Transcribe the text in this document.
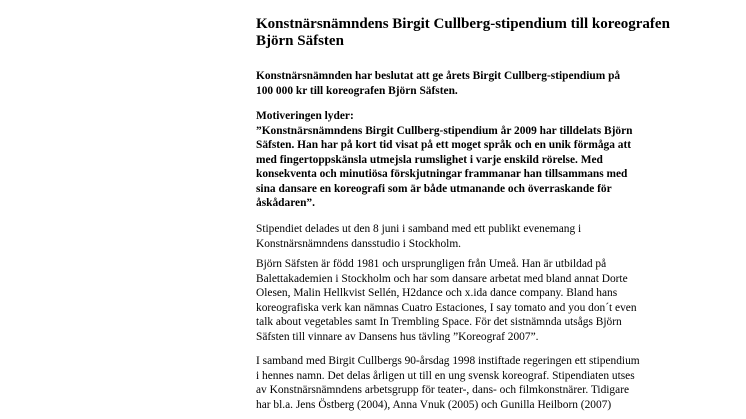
Konstnärsnämndens Birgit Cullberg-stipendium till koreografen
Björn Säfsten

Konstnärsnämnden har beslutat att ge årets Birgit Cullberg-stipendium på
100 000 kr till koreografen Björn Säfsten.

Motiveringen lyder:
”Konstnärsnämndens Birgit Cullberg-stipendium år 2009 har tilldelats Björn
Säfsten. Han har på kort tid visat på ett moget språk och en unik förmåga att
med fingertoppskänsla utmejsla rumslighet i varje enskild rörelse. Med
konsekventa och minutiösa förskjutningar frammanar han tillsammans med
sina dansare en koreografi som är både utmanande och överraskande för
åskådaren”.

Stipendiet delades ut den 8 juni i samband med ett publikt evenemang i
Konstnärsnämndens dansstudio i Stockholm.

Björn Säfsten är född 1981 och ursprungligen från Umeå. Han är utbildad på
Balettakademien i Stockholm och har som dansare arbetat med bland annat Dorte
Olesen, Malin Hellkvist Sellén, H2dance och x.ida dance company. Bland hans
koreografiska verk kan nämnas Cuatro Estaciones, I say tomato and you don´t even
talk about vegetables samt In Trembling Space. För det sistnämnda utsågs Björn
Säfsten till vinnare av Dansens hus tävling ”Koreograf 2007”.

I samband med Birgit Cullbergs 90-årsdag 1998 instiftade regeringen ett stipendium
i hennes namn. Det delas årligen ut till en ung svensk koreograf. Stipendiaten utses
av Konstnärsnämndens arbetsgrupp för teater-, dans- och filmkonstnärer. Tidigare
har bl.a. Jens Östberg (2004), Anna Vnuk (2005) och Gunilla Heilborn (2007)
